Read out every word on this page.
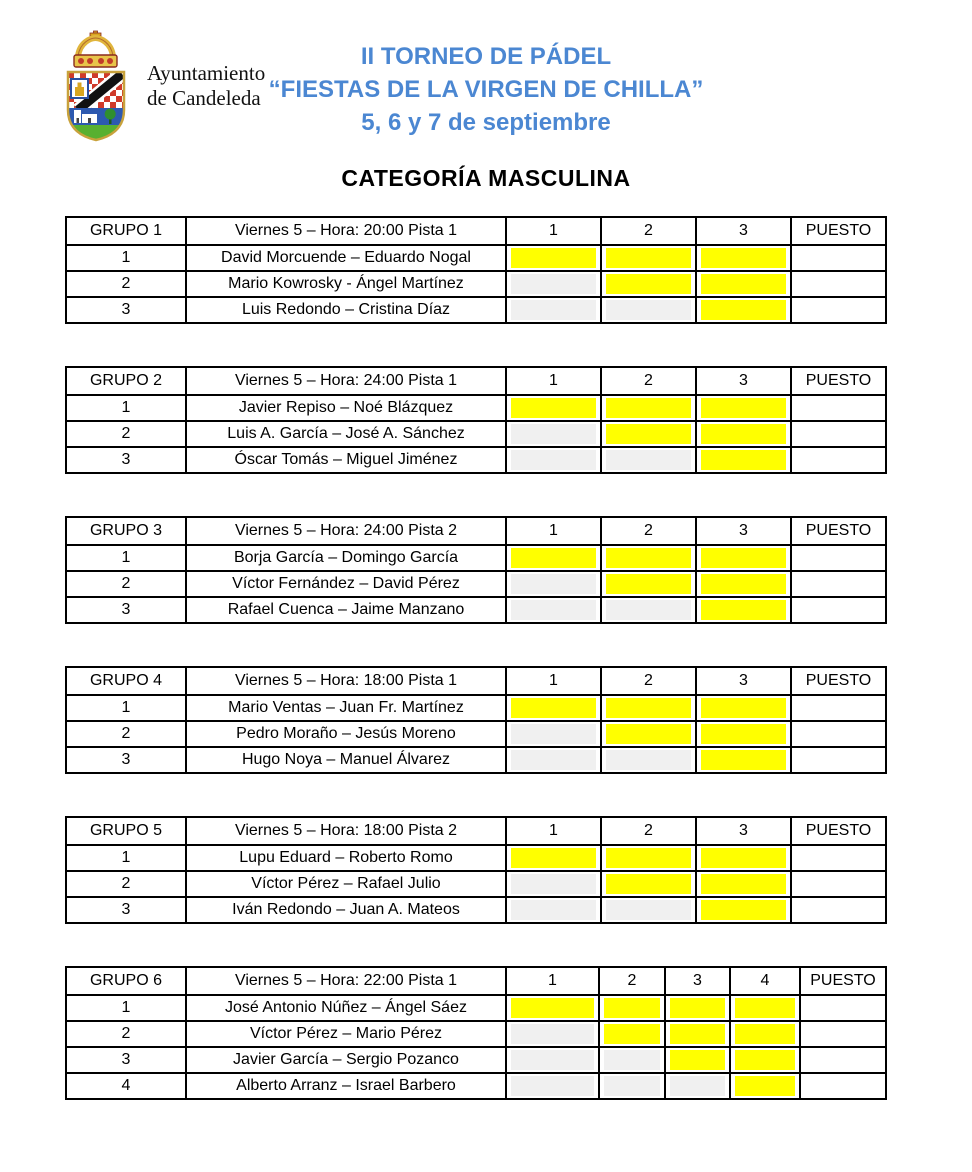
Ayuntamiento
de Candeleda
II TORNEO DE PÁDEL
“FIESTAS DE LA VIRGEN DE CHILLA”
5, 6 y 7 de septiembre
CATEGORÍA MASCULINA
GRUPO 1	Viernes 5 – Hora: 20:00 Pista 1	1	2	3	PUESTO
1	David Morcuende – Eduardo Nogal	

2	Mario Kowrosky - Ángel Martínez	

3	Luis Redondo – Cristina Díaz	

GRUPO 2	Viernes 5 – Hora: 24:00 Pista 1	1	2	3	PUESTO
1	Javier Repiso – Noé Blázquez	

2	Luis A. García – José A. Sánchez	

3	Óscar Tomás – Miguel Jiménez	

GRUPO 3	Viernes 5 – Hora: 24:00 Pista 2	1	2	3	PUESTO
1	Borja García – Domingo García	

2	Víctor Fernández – David Pérez	

3	Rafael Cuenca – Jaime Manzano	

GRUPO 4	Viernes 5 – Hora: 18:00 Pista 1	1	2	3	PUESTO
1	Mario Ventas – Juan Fr. Martínez	

2	Pedro Moraño – Jesús Moreno	

3	Hugo Noya – Manuel Álvarez	

GRUPO 5	Viernes 5 – Hora: 18:00 Pista 2	1	2	3	PUESTO
1	Lupu Eduard – Roberto Romo	

2	Víctor Pérez – Rafael Julio	

3	Iván Redondo – Juan A. Mateos	

GRUPO 6	Viernes 5 – Hora: 22:00 Pista 1	1	2	3	4	PUESTO
1	José Antonio Núñez – Ángel Sáez	

2	Víctor Pérez – Mario Pérez	

3	Javier García – Sergio Pozanco	

4	Alberto Arranz – Israel Barbero	
